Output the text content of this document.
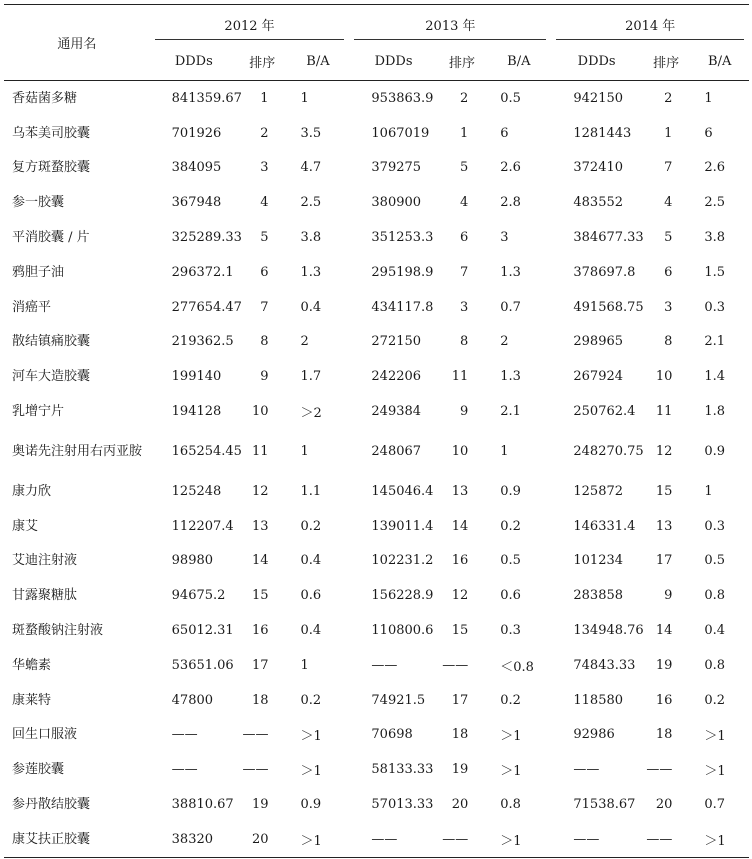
通用名	2012 年			2013 年			2014 年		

	DDDs	排序	B/A	DDDs	排序	B/A	DDDs	排序	B/A
香菇菌多糖	841359.67	1	1	953863.9	2	0.5	942150	2	1
乌苯美司胶囊	701926	2	3.5	1067019	1	6	1281443	1	6
复方斑蝥胶囊	384095	3	4.7	379275	5	2.6	372410	7	2.6
参一胶囊	367948	4	2.5	380900	4	2.8	483552	4	2.5
平消胶囊 / 片	325289.33	5	3.8	351253.3	6	3	384677.33	5	3.8
鸦胆子油	296372.1	6	1.3	295198.9	7	1.3	378697.8	6	1.5
消癌平	277654.47	7	0.4	434117.8	3	0.7	491568.75	3	0.3
散结镇痛胶囊	219362.5	8	2	272150	8	2	298965	8	2.1
河车大造胶囊	199140	9	1.7	242206	11	1.3	267924	10	1.4
乳增宁片	194128	10	＞2	249384	9	2.1	250762.4	11	1.8
奥诺先注射用右丙亚胺	165254.45	11	1	248067	10	1	248270.75	12	0.9
康力欣	125248	12	1.1	145046.4	13	0.9	125872	15	1
康艾	112207.4	13	0.2	139011.4	14	0.2	146331.4	13	0.3
艾迪注射液	98980	14	0.4	102231.2	16	0.5	101234	17	0.5
甘露聚糖肽	94675.2	15	0.6	156228.9	12	0.6	283858	9	0.8
斑蝥酸钠注射液	65012.31	16	0.4	110800.6	15	0.3	134948.76	14	0.4
华蟾素	53651.06	17	1	——	——	＜0.8	74843.33	19	0.8
康莱特	47800	18	0.2	74921.5	17	0.2	118580	16	0.2
回生口服液	——	——	＞1	70698	18	＞1	92986	18	＞1
参莲胶囊	——	——	＞1	58133.33	19	＞1	——	——	＞1
参丹散结胶囊	38810.67	19	0.9	57013.33	20	0.8	71538.67	20	0.7
康艾扶正胶囊	38320	20	＞1	——	——	＞1	——	——	＞1
